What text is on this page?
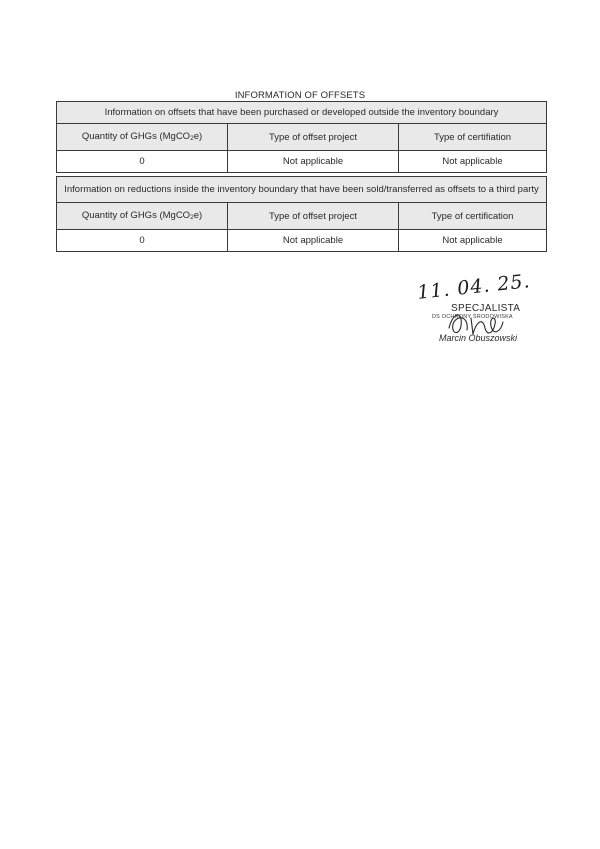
INFORMATION OF OFFSETS
Information on offsets that have been purchased or developed outside the inventory boundary		
Quantity of GHGs (MgCO$_2$e)	Type of offset project	Type of certifiation
0	Not applicable	Not applicable

Information on reductions inside the inventory boundary that have been sold/transferred as offsets to a third party		
Quantity of GHGs (MgCO$_2$e)	Type of offset project	Type of certification
0	Not applicable	Not applicable
11. 04. 25.
SPECJALISTA
DS OCHRONY ŚRODOWISKA
Marcin Obuszowski
